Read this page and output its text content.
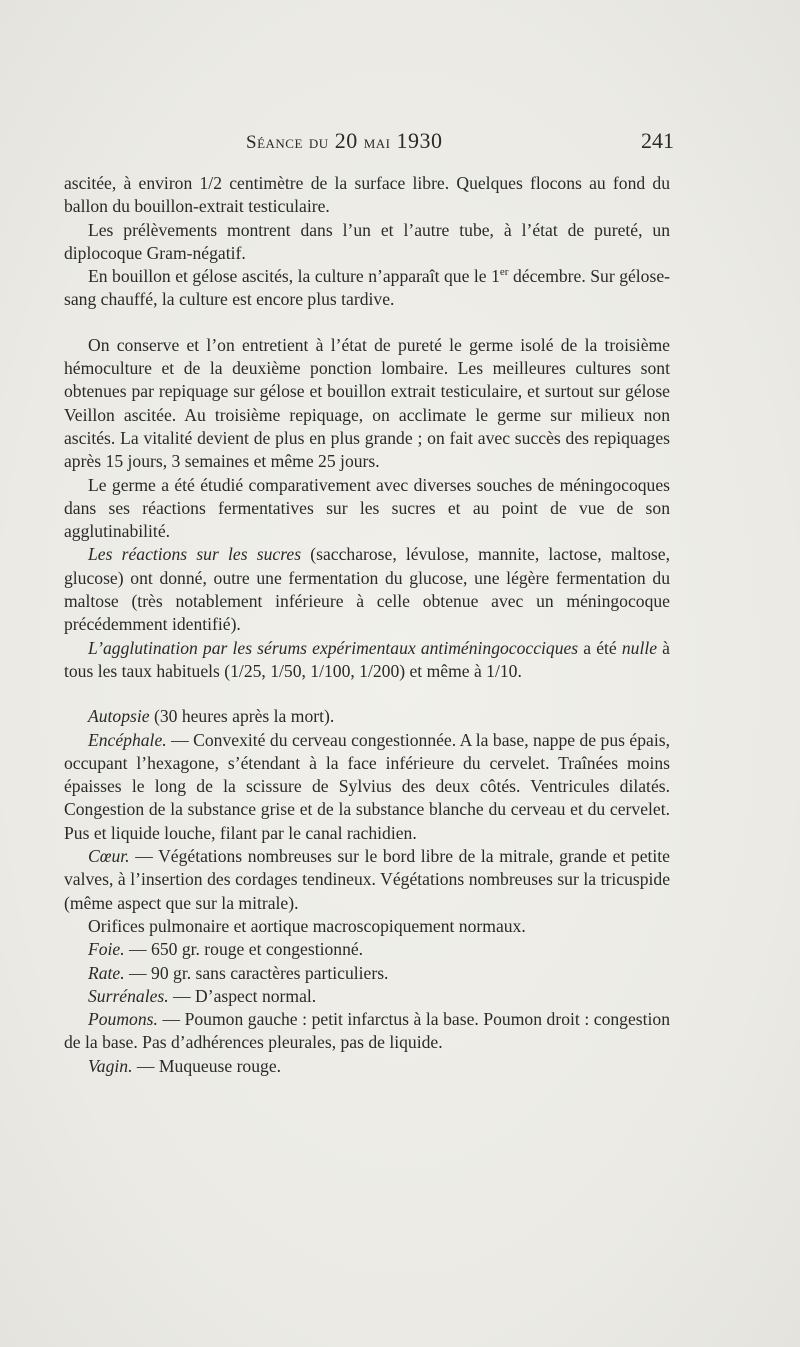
Séance du 20 mai 1930	241

ascitée, à environ 1/2 centimètre de la surface libre. Quelques flocons au fond du ballon du bouillon-extrait testiculaire.

Les prélèvements montrent dans l’un et l’autre tube, à l’état de pureté, un diplocoque Gram-négatif.

En bouillon et gélose ascités, la culture n’apparaît que le 1er décembre. Sur gélose-sang chauffé, la culture est encore plus tardive.

On conserve et l’on entretient à l’état de pureté le germe isolé de la troisième hémoculture et de la deuxième ponction lombaire. Les meilleures cultures sont obtenues par repiquage sur gélose et bouillon extrait testiculaire, et surtout sur gélose Veillon ascitée. Au troisième repiquage, on acclimate le germe sur milieux non ascités. La vitalité devient de plus en plus grande ; on fait avec succès des repiquages après 15 jours, 3 semaines et même 25 jours.

Le germe a été étudié comparativement avec diverses souches de méningocoques dans ses réactions fermentatives sur les sucres et au point de vue de son agglutinabilité.

Les réactions sur les sucres (saccharose, lévulose, mannite, lactose, maltose, glucose) ont donné, outre une fermentation du glucose, une légère fermentation du maltose (très notablement inférieure à celle obtenue avec un méningocoque précédemment identifié).

L’agglutination par les sérums expérimentaux antiméningococciques a été nulle à tous les taux habituels (1/25, 1/50, 1/100, 1/200) et même à 1/10.

Autopsie (30 heures après la mort).

Encéphale. — Convexité du cerveau congestionnée. A la base, nappe de pus épais, occupant l’hexagone, s’étendant à la face inférieure du cervelet. Traînées moins épaisses le long de la scissure de Sylvius des deux côtés. Ventricules dilatés. Congestion de la substance grise et de la substance blanche du cerveau et du cervelet. Pus et liquide louche, filant par le canal rachidien.

Cœur. — Végétations nombreuses sur le bord libre de la mitrale, grande et petite valves, à l’insertion des cordages tendineux. Végétations nombreuses sur la tricuspide (même aspect que sur la mitrale).

Orifices pulmonaire et aortique macroscopiquement normaux.

Foie. — 650 gr. rouge et congestionné.

Rate. — 90 gr. sans caractères particuliers.

Surrénales. — D’aspect normal.

Poumons. — Poumon gauche : petit infarctus à la base. Poumon droit : congestion de la base. Pas d’adhérences pleurales, pas de liquide.

Vagin. — Muqueuse rouge.
